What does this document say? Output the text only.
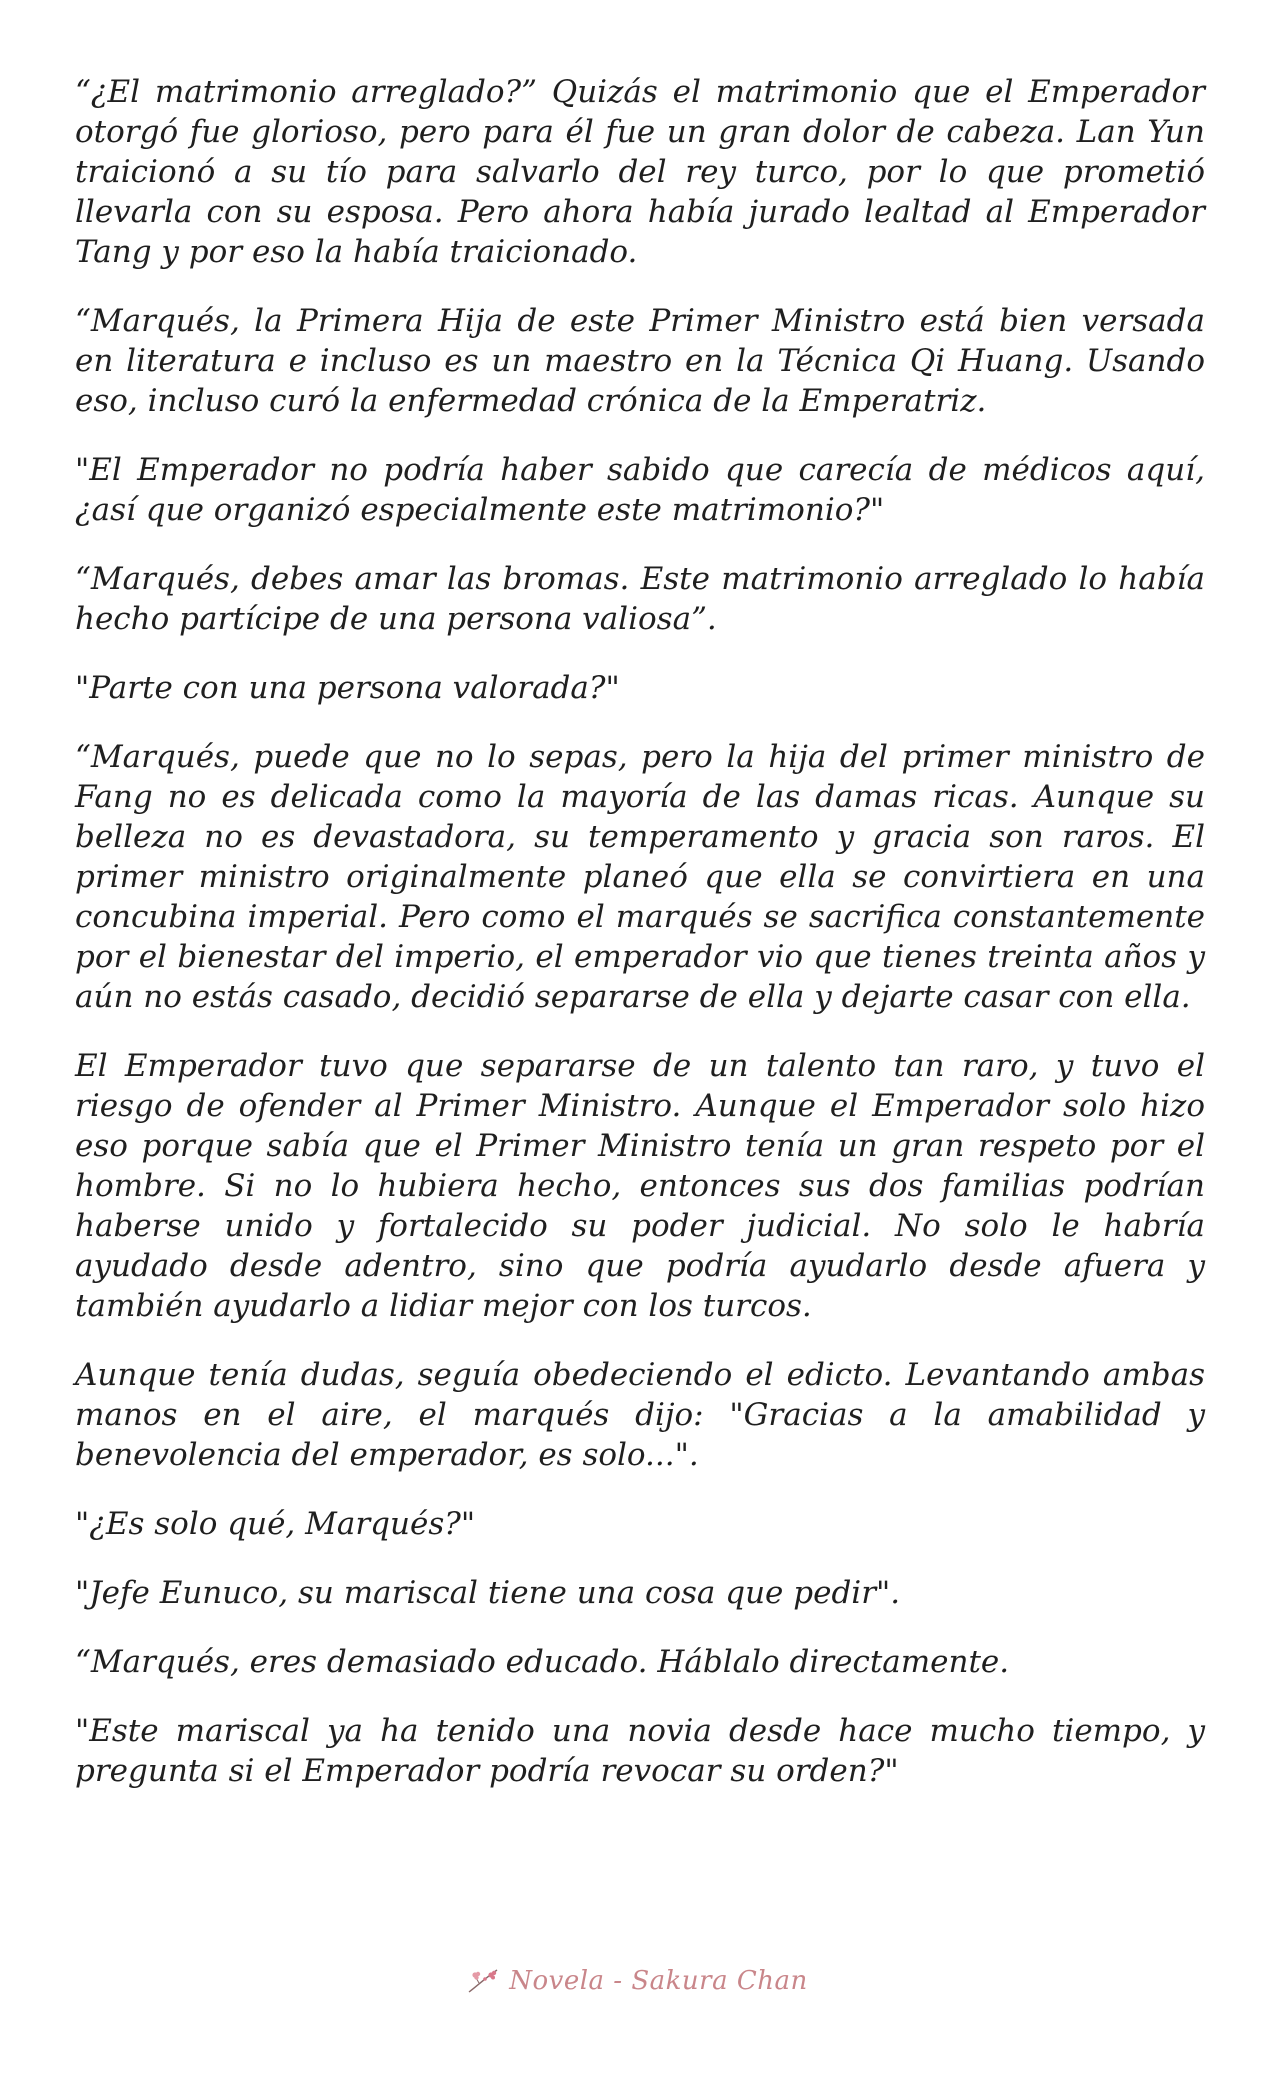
“¿El matrimonio arreglado?” Quizás el matrimonio que el Emperador otorgó fue glorioso, pero para él fue un gran dolor de cabeza. Lan Yun traicionó a su tío para salvarlo del rey turco, por lo que prometió llevarla con su esposa. Pero ahora había jurado lealtad al Emperador Tang y por eso la había traicionado.

“Marqués, la Primera Hija de este Primer Ministro está bien versada en literatura e incluso es un maestro en la Técnica Qi Huang. Usando eso, incluso curó la enfermedad crónica de la Emperatriz.

"El Emperador no podría haber sabido que carecía de médicos aquí, ¿así que organizó especialmente este matrimonio?"

“Marqués, debes amar las bromas. Este matrimonio arreglado lo había hecho partícipe de una persona valiosa”.

"Parte con una persona valorada?"

“Marqués, puede que no lo sepas, pero la hija del primer ministro de Fang no es delicada como la mayoría de las damas ricas. Aunque su belleza no es devastadora, su temperamento y gracia son raros. El primer ministro originalmente planeó que ella se convirtiera en una concubina imperial. Pero como el marqués se sacrifica constantemente por el bienestar del imperio, el emperador vio que tienes treinta años y aún no estás casado, decidió separarse de ella y dejarte casar con ella.

El Emperador tuvo que separarse de un talento tan raro, y tuvo el riesgo de ofender al Primer Ministro. Aunque el Emperador solo hizo eso porque sabía que el Primer Ministro tenía un gran respeto por el hombre. Si no lo hubiera hecho, entonces sus dos familias podrían haberse unido y fortalecido su poder judicial. No solo le habría ayudado desde adentro, sino que podría ayudarlo desde afuera y también ayudarlo a lidiar mejor con los turcos.

Aunque tenía dudas, seguía obedeciendo el edicto. Levantando ambas manos en el aire, el marqués dijo: "Gracias a la amabilidad y benevolencia del emperador, es solo...".

"¿Es solo qué, Marqués?"

"Jefe Eunuco, su mariscal tiene una cosa que pedir".

“Marqués, eres demasiado educado. Háblalo directamente.

"Este mariscal ya ha tenido una novia desde hace mucho tiempo, y pregunta si el Emperador podría revocar su orden?"

Novela - Sakura Chan
